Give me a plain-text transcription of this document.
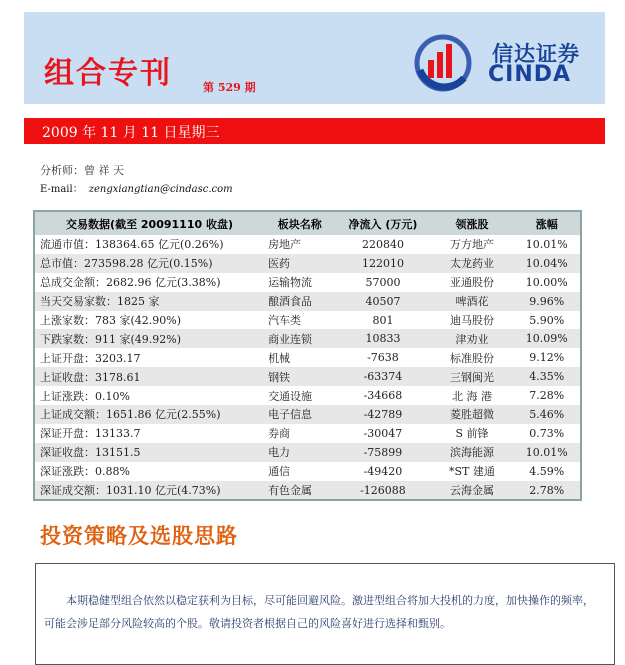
组合专刊	第 529 期
信达证券
CINDA
2009 年 11 月 11 日星期三
分析师：曾 祥 天
E-mail： zengxiangtian@cindasc.com
交易数据(截至 20091110 收盘)	板块名称	净流入 (万元)	领涨股	涨幅
流通市值：138364.65 亿元(0.26%)	房地产	220840	万方地产	10.01%
总市值：273598.28 亿元(0.15%)	医药	122010	太龙药业	10.04%
总成交金额：2682.96 亿元(3.38%)	运输物流	57000	亚通股份	10.00%
当天交易家数：1825 家	酿酒食品	40507	啤酒花	9.96%
上涨家数：783 家(42.90%)	汽车类	801	迪马股份	5.90%
下跌家数：911 家(49.92%)	商业连锁	10833	津劝业	10.09%
上证开盘：3203.17	机械	-7638	标准股份	9.12%
上证收盘：3178.61	钢铁	-63374	三钢闽光	4.35%
上证涨跌：0.10%	交通设施	-34668	北 海 港	7.28%
上证成交额：1651.86 亿元(2.55%)	电子信息	-42789	菱胜超微	5.46%
深证开盘：13133.7	券商	-30047	S 前锋	0.73%
深证收盘：13151.5	电力	-75899	滨海能源	10.01%
深证涨跌：0.88%	通信	-49420	*ST 建通	4.59%
深证成交额：1031.10 亿元(4.73%)	有色金属	-126088	云海金属	2.78%
投资策略及选股思路
本期稳健型组合依然以稳定获利为目标，尽可能回避风险。激进型组合将加大投机的力度，加快操作的频率，可能会涉足部分风险较高的个股。敬请投资者根据自己的风险喜好进行选择和甄别。
